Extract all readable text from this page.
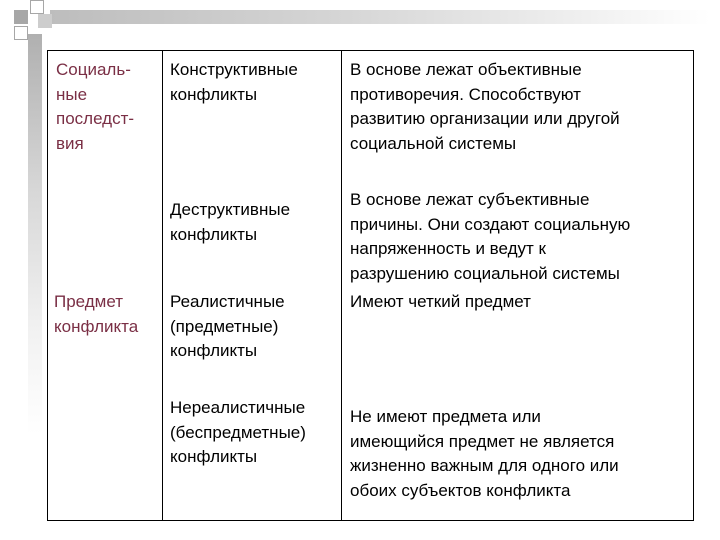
Социаль-
ные
последст-
вия
Конструктивные
конфликты
В основе лежат объективные
противоречия. Способствуют
развитию организации или другой
социальной системы
Деструктивные
конфликты
В основе лежат субъективные
причины. Они создают социальную
напряженность и ведут к
разрушению социальной системы
Предмет
конфликта
Реалистичные
(предметные)
конфликты
Имеют четкий предмет
Нереалистичные
(беспредметные)
конфликты
Не имеют предмета или
имеющийся предмет не является
жизненно важным для одного или
обоих субъектов конфликта
